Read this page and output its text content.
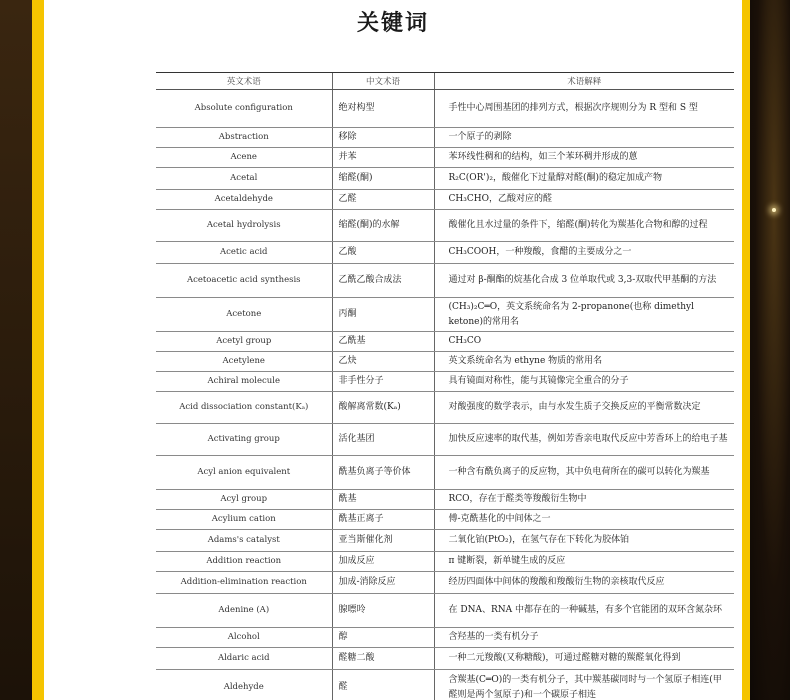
关键词
英文术语	中文术语	术语解释
Absolute configuration	绝对构型	手性中心周围基团的排列方式，根据次序规则分为 R 型和 S 型
Abstraction	移除	一个原子的剥除
Acene	并苯	苯环线性稠和的结构，如三个苯环稠并形成的蒽
Acetal	缩醛(酮)	R₂C(OR')₂，酸催化下过量醇对醛(酮)的稳定加成产物
Acetaldehyde	乙醛	CH₃CHO，乙酸对应的醛
Acetal hydrolysis	缩醛(酮)的水解	酸催化且水过量的条件下，缩醛(酮)转化为羰基化合物和醇的过程
Acetic acid	乙酸	CH₃COOH，一种羧酸，食醋的主要成分之一
Acetoacetic acid synthesis	乙酰乙酸合成法	通过对 β-酮酯的烷基化合成 3 位单取代或 3,3-双取代甲基酮的方法
Acetone	丙酮	(CH₃)₂C═O，英文系统命名为 2-propanone(也称 dimethyl ketone)的常用名
Acetyl group	乙酰基	CH₃CO
Acetylene	乙炔	英文系统命名为 ethyne 物质的常用名
Achiral molecule	非手性分子	具有镜面对称性，能与其镜像完全重合的分子
Acid dissociation constant(Kₐ)	酸解离常数(Kₐ)	对酸强度的数学表示，由与水发生质子交换反应的平衡常数决定
Activating group	活化基团	加快反应速率的取代基，例如芳香亲电取代反应中芳香环上的给电子基
Acyl anion equivalent	酰基负离子等价体	一种含有酰负离子的反应物，其中负电荷所在的碳可以转化为羰基
Acyl group	酰基	RCO，存在于醛类等羧酸衍生物中
Acylium cation	酰基正离子	傅-克酰基化的中间体之一
Adams's catalyst	亚当斯催化剂	二氧化铂(PtO₂)，在氢气存在下转化为胶体铂
Addition reaction	加成反应	π 键断裂，新单键生成的反应
Addition-elimination reaction	加成-消除反应	经历四面体中间体的羧酸和羧酸衍生物的亲核取代反应
Adenine (A)	腺嘌呤	在 DNA、RNA 中都存在的一种碱基，有多个官能团的双环含氮杂环
Alcohol	醇	含羟基的一类有机分子
Aldaric acid	醛糖二酸	一种二元羧酸(又称糖酸)，可通过醛糖对糖的羰醛氧化得到
Aldehyde	醛	含羰基(C═O)的一类有机分子，其中羰基碳同时与一个氢原子相连(甲醛则是两个氢原子)和一个碳原子相连
